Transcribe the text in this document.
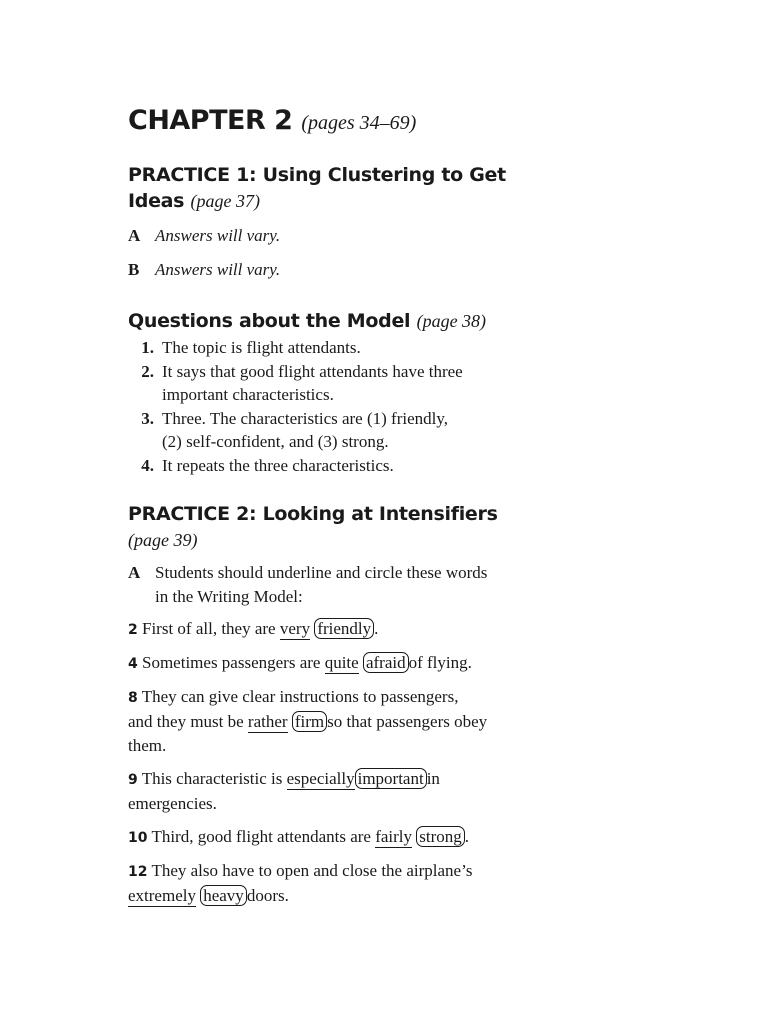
CHAPTER 2 (pages 34–69)
PRACTICE 1: Using Clustering to Get
Ideas (page 37)
A Answers will vary.
B Answers will vary.
Questions about the Model (page 38)
1. The topic is flight attendants.
2. It says that good flight attendants have three
important characteristics.
3. Three. The characteristics are (1) friendly,
(2) self-confident, and (3) strong.
4. It repeats the three characteristics.
PRACTICE 2: Looking at Intensifiers

(page 39)

A Students should underline and circle these words
in the Writing Model:
2 First of all, they are very friendly .
4 Sometimes passengers are quite afraid of flying.
8 They can give clear instructions to passengers,
and they must be rather firm so that passengers obey
them.
9 This characteristic is especially important in
emergencies.
10 Third, good flight attendants are fairly strong .
12 They also have to open and close the airplane’s
extremely heavy doors.
